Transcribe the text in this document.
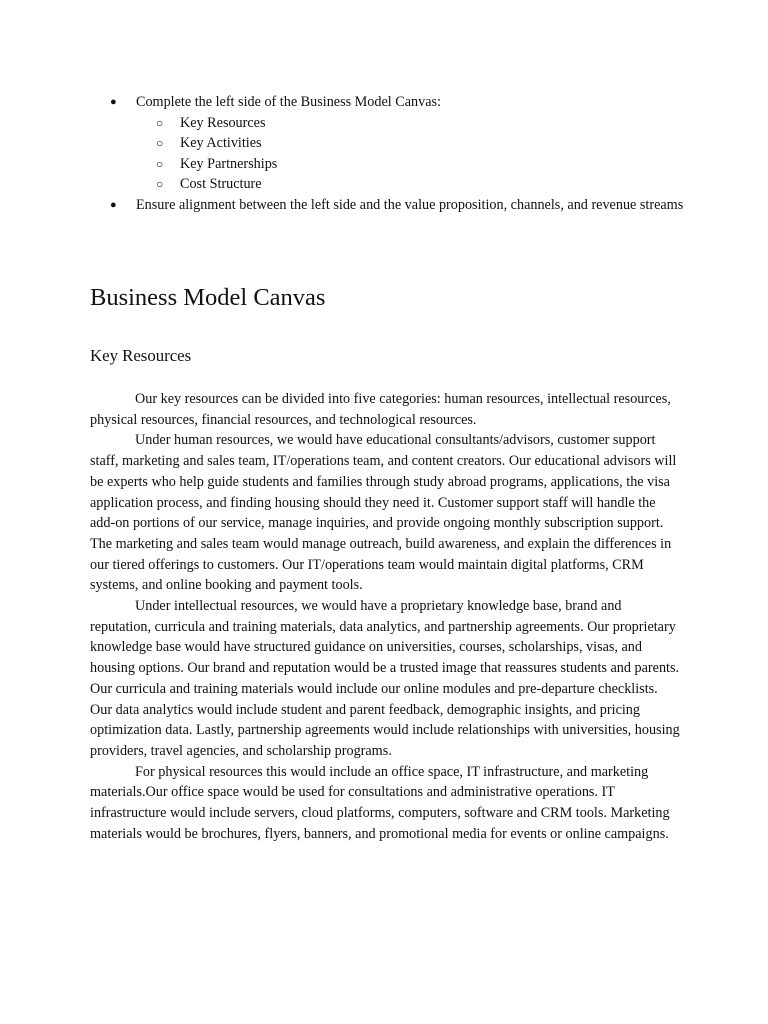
● Complete the left side of the Business Model Canvas:
○ Key Resources
○ Key Activities
○ Key Partnerships
○ Cost Structure
● Ensure alignment between the left side and the value proposition, channels, and revenue streams
Business Model Canvas
Key Resources

Our key resources can be divided into five categories: human resources, intellectual resources, physical resources, financial resources, and technological resources.

Under human resources, we would have educational consultants/advisors, customer support staff, marketing and sales team, IT/operations team, and content creators. Our educational advisors will be experts who help guide students and families through study abroad programs, applications, the visa application process, and finding housing should they need it. Customer support staff will handle the add-on portions of our service, manage inquiries, and provide ongoing monthly subscription support. The marketing and sales team would manage outreach, build awareness, and explain the differences in our tiered offerings to customers. Our IT/operations team would maintain digital platforms, CRM systems, and online booking and payment tools.

Under intellectual resources, we would have a proprietary knowledge base, brand and reputation, curricula and training materials, data analytics, and partnership agreements. Our proprietary knowledge base would have structured guidance on universities, courses, scholarships, visas, and housing options. Our brand and reputation would be a trusted image that reassures students and parents. Our curricula and training materials would include our online modules and pre-departure checklists. Our data analytics would include student and parent feedback, demographic insights, and pricing optimization data. Lastly, partnership agreements would include relationships with universities, housing providers, travel agencies, and scholarship programs.

For physical resources this would include an office space, IT infrastructure, and marketing materials.Our office space would be used for consultations and administrative operations. IT infrastructure would include servers, cloud platforms, computers, software and CRM tools. Marketing materials would be brochures, flyers, banners, and promotional media for events or online campaigns.
